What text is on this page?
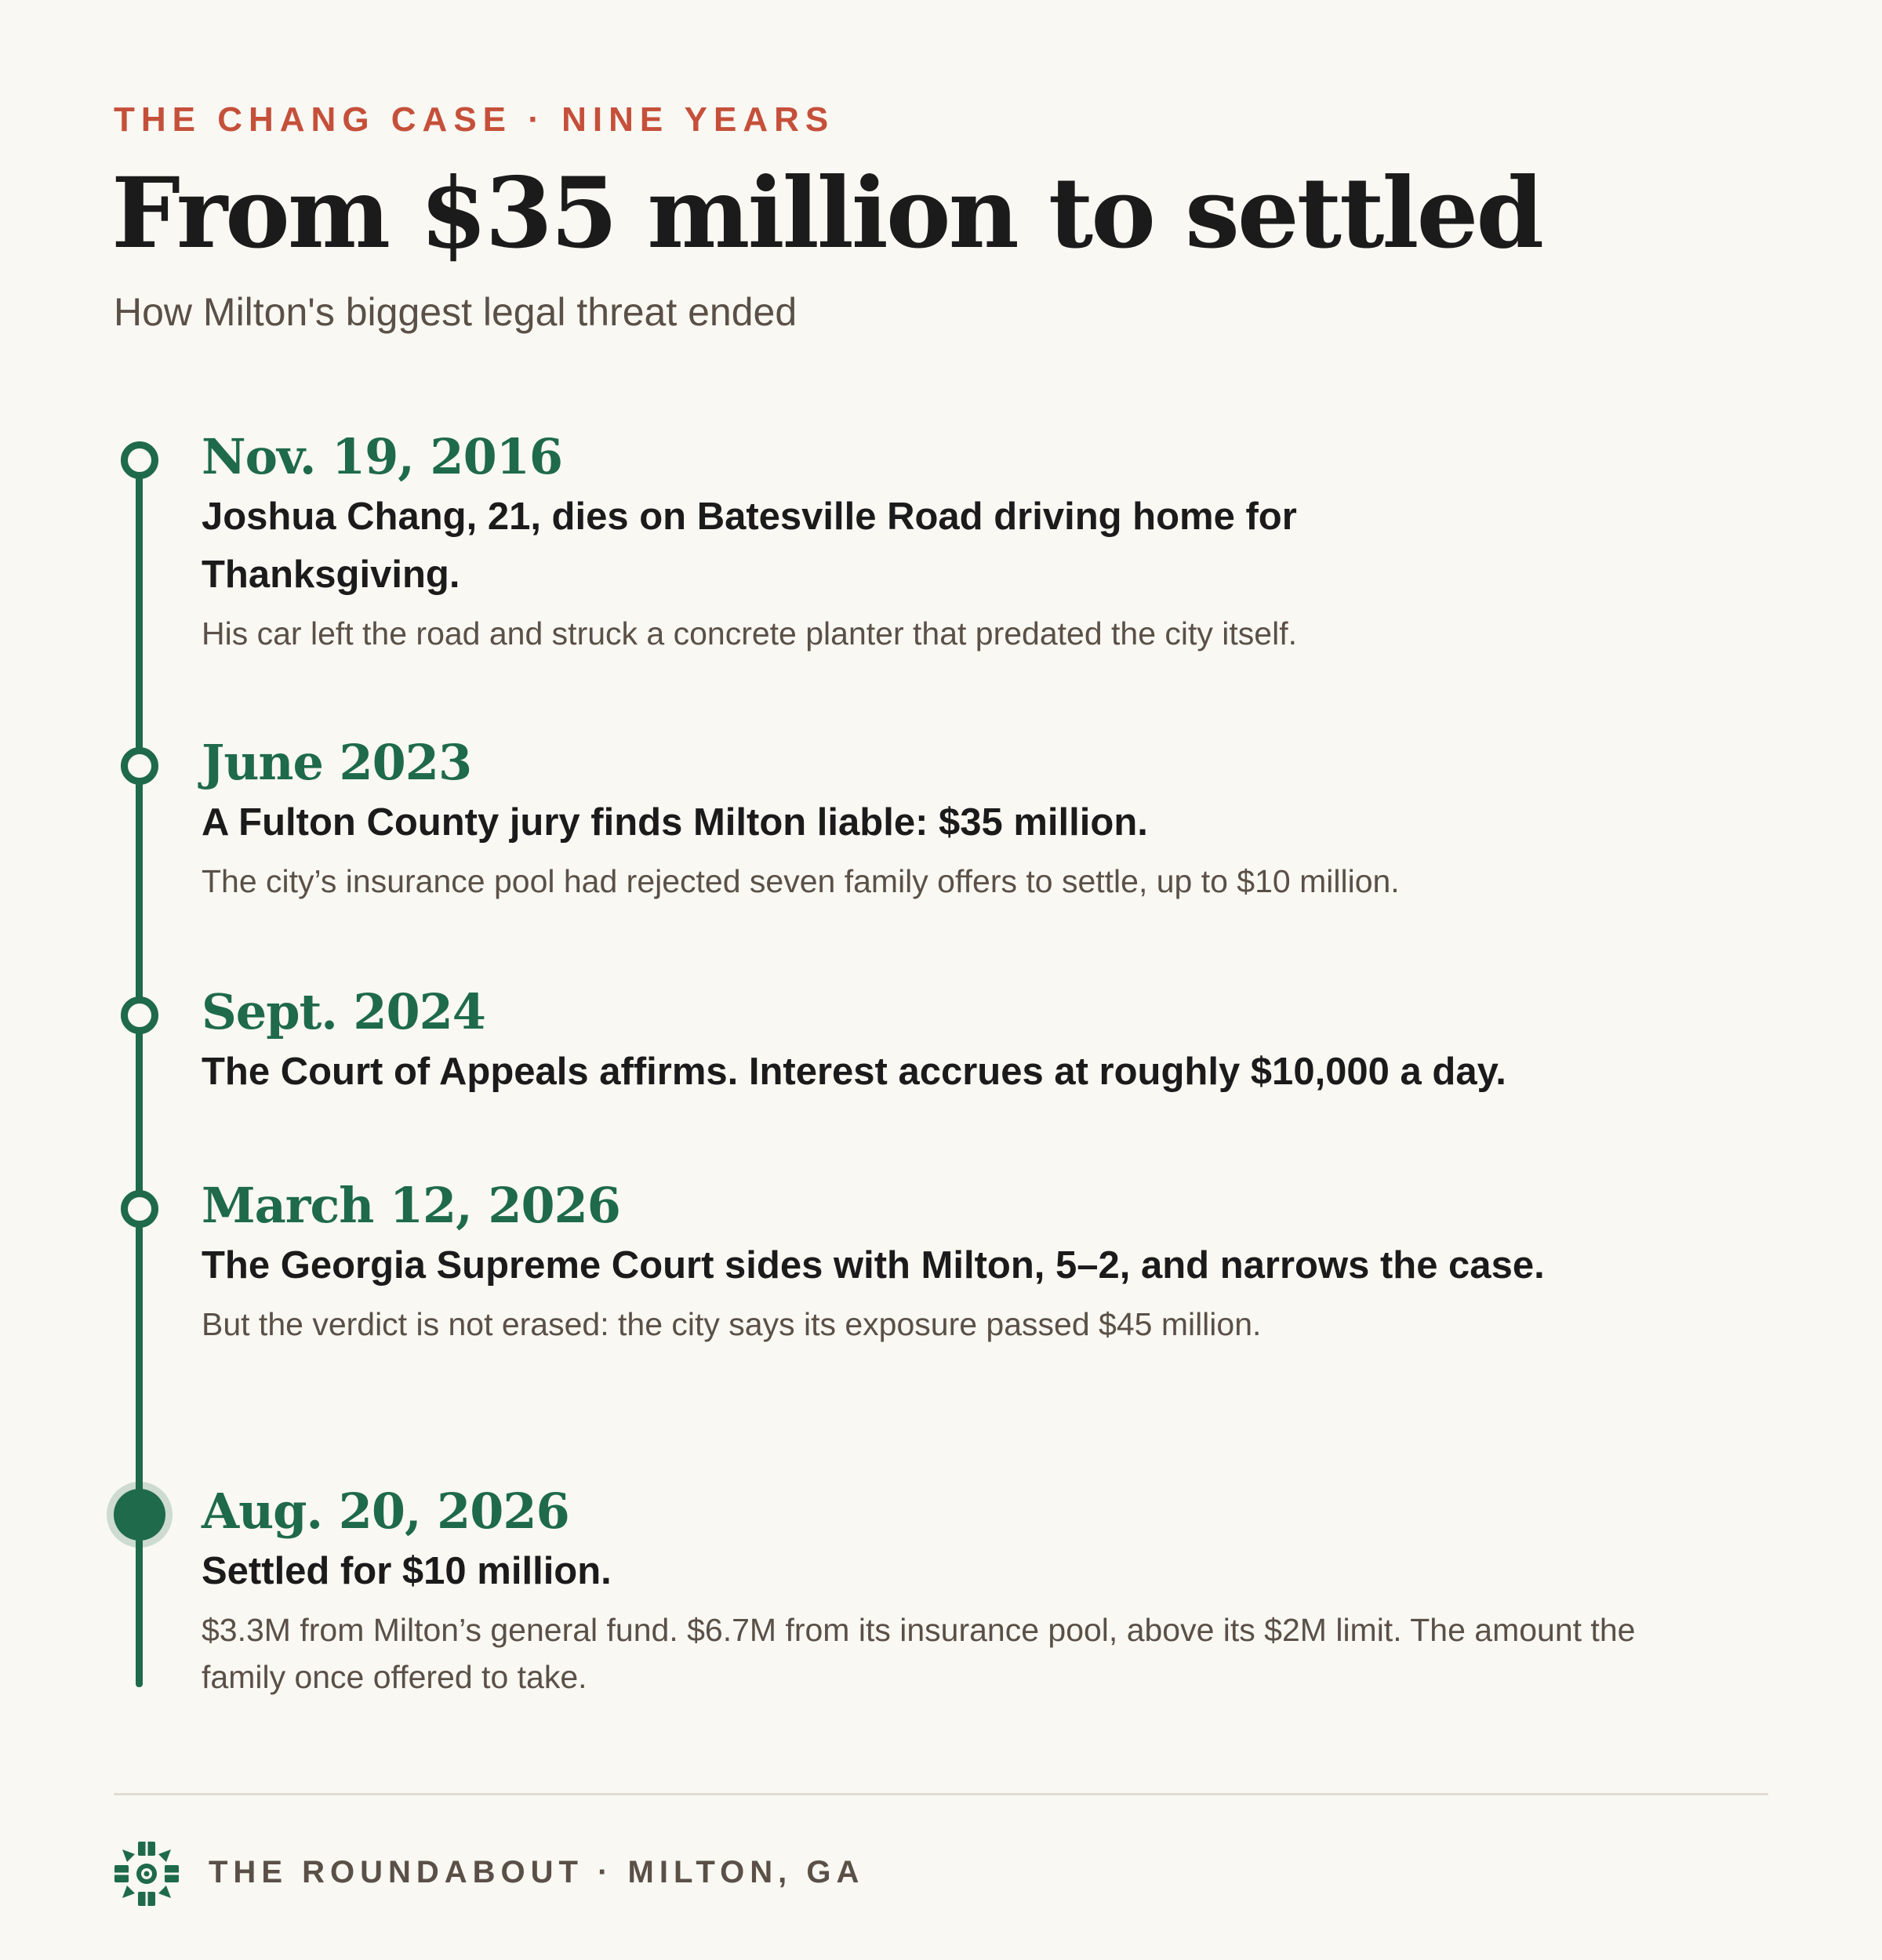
THE CHANG CASE · NINE YEARS
From $35 million to settled
How Milton's biggest legal threat ended
Nov. 19, 2016
Joshua Chang, 21, dies on Batesville Road driving home for Thanksgiving.
His car left the road and struck a concrete planter that predated the city itself.
June 2023
A Fulton County jury finds Milton liable: $35 million.
The city’s insurance pool had rejected seven family offers to settle, up to $10 million.
Sept. 2024
The Court of Appeals affirms. Interest accrues at roughly $10,000 a day.
March 12, 2026
The Georgia Supreme Court sides with Milton, 5–2, and narrows the case.
But the verdict is not erased: the city says its exposure passed $45 million.
Aug. 20, 2026
Settled for $10 million.
$3.3M from Milton’s general fund. $6.7M from its insurance pool, above its $2M limit. The amount the family once offered to take.
THE ROUNDABOUT · MILTON, GA
